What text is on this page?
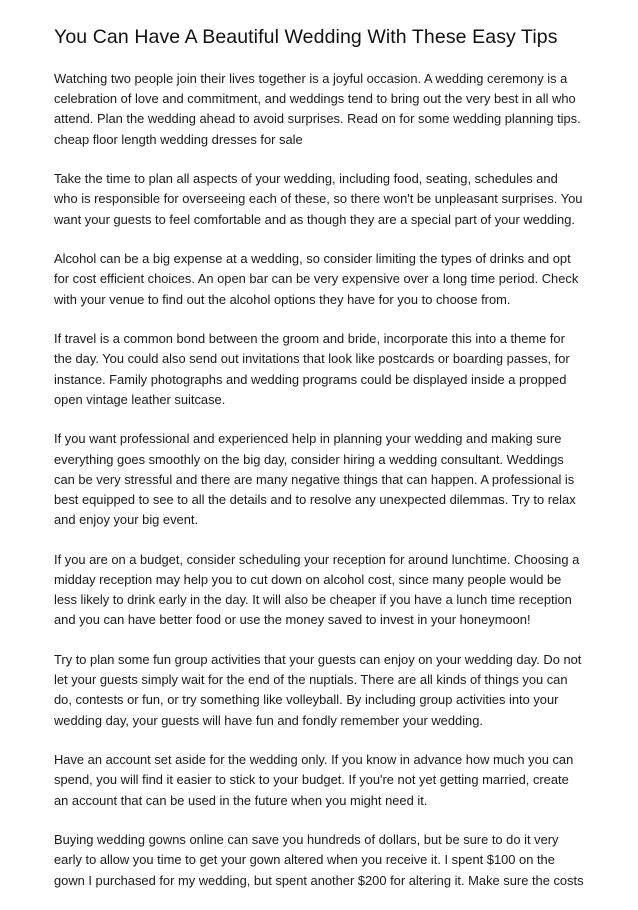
You Can Have A Beautiful Wedding With These Easy Tips
Watching two people join their lives together is a joyful occasion. A wedding ceremony is a
celebration of love and commitment, and weddings tend to bring out the very best in all who
attend. Plan the wedding ahead to avoid surprises. Read on for some wedding planning tips.
cheap floor length wedding dresses for sale
Take the time to plan all aspects of your wedding, including food, seating, schedules and
who is responsible for overseeing each of these, so there won't be unpleasant surprises. You
want your guests to feel comfortable and as though they are a special part of your wedding.
Alcohol can be a big expense at a wedding, so consider limiting the types of drinks and opt
for cost efficient choices. An open bar can be very expensive over a long time period. Check
with your venue to find out the alcohol options they have for you to choose from.
If travel is a common bond between the groom and bride, incorporate this into a theme for
the day. You could also send out invitations that look like postcards or boarding passes, for
instance. Family photographs and wedding programs could be displayed inside a propped
open vintage leather suitcase.
If you want professional and experienced help in planning your wedding and making sure
everything goes smoothly on the big day, consider hiring a wedding consultant. Weddings
can be very stressful and there are many negative things that can happen. A professional is
best equipped to see to all the details and to resolve any unexpected dilemmas. Try to relax
and enjoy your big event.
If you are on a budget, consider scheduling your reception for around lunchtime. Choosing a
midday reception may help you to cut down on alcohol cost, since many people would be
less likely to drink early in the day. It will also be cheaper if you have a lunch time reception
and you can have better food or use the money saved to invest in your honeymoon!
Try to plan some fun group activities that your guests can enjoy on your wedding day. Do not
let your guests simply wait for the end of the nuptials. There are all kinds of things you can
do, contests or fun, or try something like volleyball. By including group activities into your
wedding day, your guests will have fun and fondly remember your wedding.
Have an account set aside for the wedding only. If you know in advance how much you can
spend, you will find it easier to stick to your budget. If you're not yet getting married, create
an account that can be used in the future when you might need it.
Buying wedding gowns online can save you hundreds of dollars, but be sure to do it very
early to allow you time to get your gown altered when you receive it. I spent $100 on the
gown I purchased for my wedding, but spent another $200 for altering it. Make sure the costs
